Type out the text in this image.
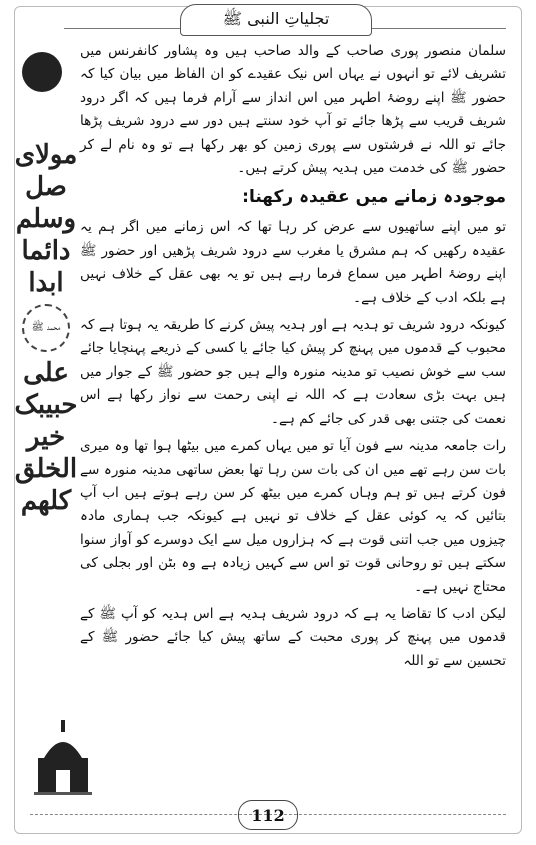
تجلیاتِ النبی ﷺ
مولای
صل
وسلم
دائما
ابدا
محمد ﷺ
علی
حبیبک
خیر
الخلق
کلھم

سلمان منصور پوری صاحب کے والد صاحب ہیں وہ پشاور کانفرنس میں تشریف لائے تو انہوں نے یہاں اس نیک عقیدے کو ان الفاظ میں بیان کیا کہ حضور ﷺ اپنے روضۂ اطہر میں اس انداز سے آرام فرما ہیں کہ اگر درود شریف قریب سے پڑھا جائے تو آپ خود سنتے ہیں دور سے درود شریف پڑھا جائے تو اللہ نے فرشتوں سے پوری زمین کو بھر رکھا ہے تو وہ نام لے کر حضور ﷺ کی خدمت میں ہدیہ پیش کرتے ہیں۔

موجودہ زمانے میں عقیدہ رکھنا:

تو میں اپنے ساتھیوں سے عرض کر رہا تھا کہ اس زمانے میں اگر ہم یہ عقیدہ رکھیں کہ ہم مشرق یا مغرب سے درود شریف پڑھیں اور حضور ﷺ اپنے روضۂ اطہر میں سماع فرما رہے ہیں تو یہ بھی عقل کے خلاف نہیں ہے بلکہ ادب کے خلاف ہے۔

کیونکہ درود شریف تو ہدیہ ہے اور ہدیہ پیش کرنے کا طریقہ یہ ہوتا ہے کہ محبوب کے قدموں میں پہنچ کر پیش کیا جائے یا کسی کے ذریعے پہنچایا جائے سب سے خوش نصیب تو مدینہ منورہ والے ہیں جو حضور ﷺ کے جوار میں ہیں بہت بڑی سعادت ہے کہ اللہ نے اپنی رحمت سے نواز رکھا ہے اس نعمت کی جتنی بھی قدر کی جائے کم ہے۔

رات جامعہ مدینہ سے فون آیا تو میں یہاں کمرے میں بیٹھا ہوا تھا وہ میری بات سن رہے تھے میں ان کی بات سن رہا تھا بعض ساتھی مدینہ منورہ سے فون کرتے ہیں تو ہم وہاں کمرے میں بیٹھ کر سن رہے ہوتے ہیں اب آپ بتائیں کہ یہ کوئی عقل کے خلاف تو نہیں ہے کیونکہ جب ہماری مادہ چیزوں میں جب اتنی قوت ہے کہ ہزاروں میل سے ایک دوسرے کو آواز سنوا سکتے ہیں تو روحانی قوت تو اس سے کہیں زیادہ ہے وہ بٹن اور بجلی کی محتاج نہیں ہے۔

لیکن ادب کا تقاضا یہ ہے کہ درود شریف ہدیہ ہے اس ہدیہ کو آپ ﷺ کے قدموں میں پہنچ کر پوری محبت کے ساتھ پیش کیا جائے حضور ﷺ کے تحسین سے تو اللہ

112
